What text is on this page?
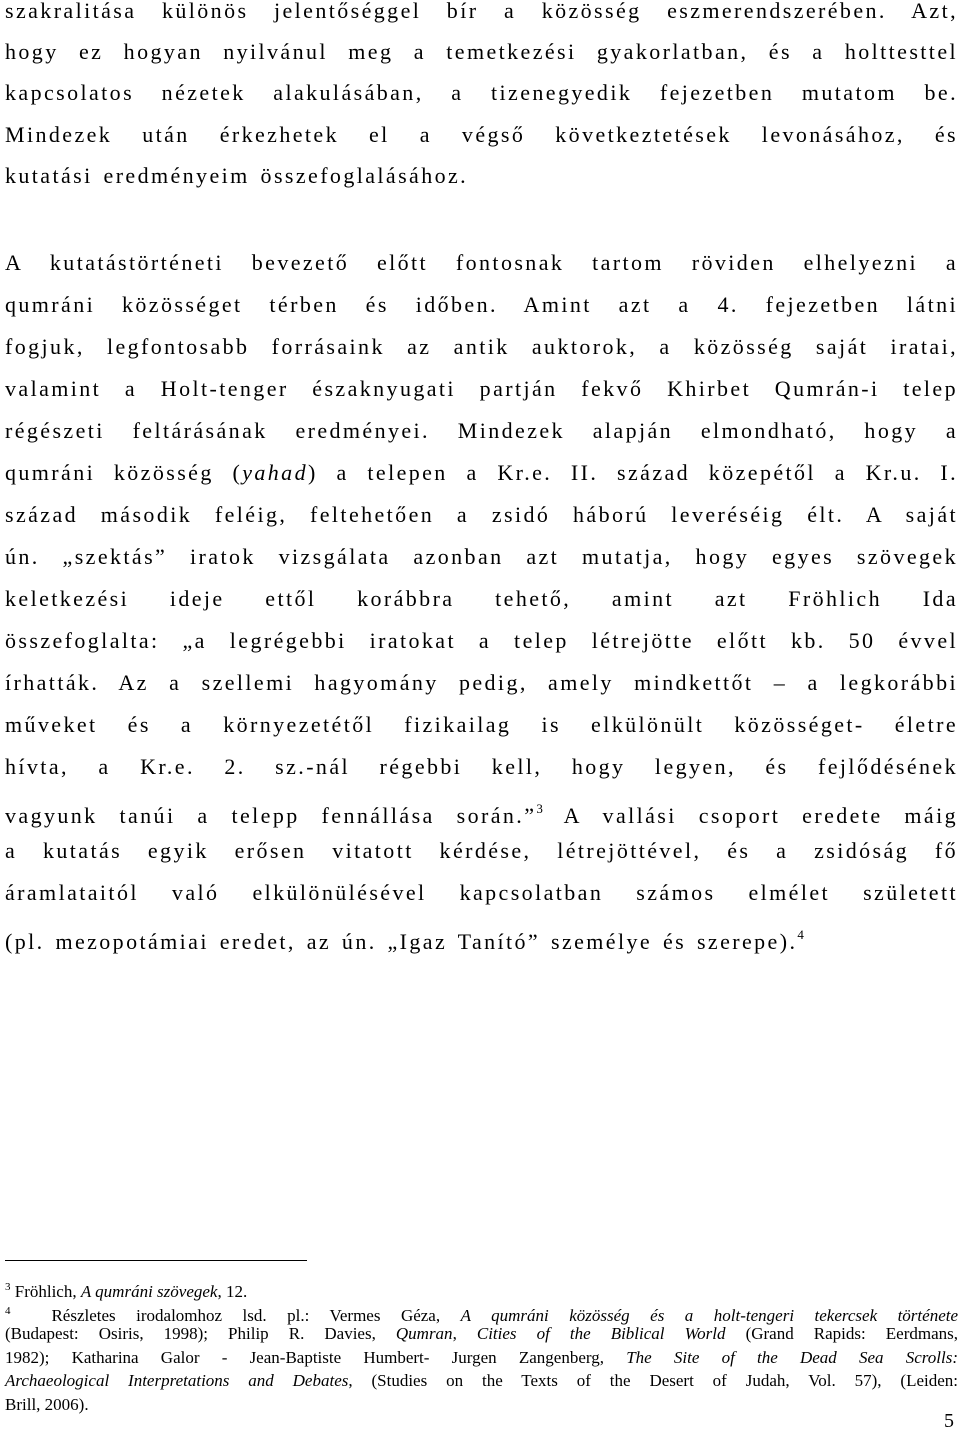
szakralitása különös jelentőséggel bír a közösség eszmerendszerében. Azt,
hogy ez hogyan nyilvánul meg a temetkezési gyakorlatban, és a holttesttel
kapcsolatos nézetek alakulásában, a tizenegyedik fejezetben mutatom be.
Mindezek után érkezhetek el a végső következtetések levonásához, és
kutatási eredményeim összefoglalásához.
A kutatástörténeti bevezető előtt fontosnak tartom röviden elhelyezni a
qumráni közösséget térben és időben. Amint azt a 4. fejezetben látni
fogjuk, legfontosabb forrásaink az antik auktorok, a közösség saját iratai,
valamint a Holt-tenger északnyugati partján fekvő Khirbet Qumrán-i telep
régészeti feltárásának eredményei. Mindezek alapján elmondható, hogy a
qumráni közösség (yahad) a telepen a Kr.e. II. század közepétől a Kr.u. I.
század második feléig, feltehetően a zsidó háború leveréséig élt. A saját
ún. „szektás” iratok vizsgálata azonban azt mutatja, hogy egyes szövegek
keletkezési ideje ettől korábbra tehető, amint azt Fröhlich Ida
összefoglalta: „a legrégebbi iratokat a telep létrejötte előtt kb. 50 évvel
írhatták. Az a szellemi hagyomány pedig, amely mindkettőt – a legkorábbi
műveket és a környezetétől fizikailag is elkülönült közösséget- életre
hívta, a Kr.e. 2. sz.-nál régebbi kell, hogy legyen, és fejlődésének
vagyunk tanúi a telepp fennállása során.”$^3$ A vallási csoport eredete máig
a kutatás egyik erősen vitatott kérdése, létrejöttével, és a zsidóság fő
áramlataitól való elkülönülésével kapcsolatban számos elmélet született
(pl. mezopotámiai eredet, az ún. „Igaz Tanító” személye és szerepe).$^4$
$^3$ Fröhlich, A qumráni szövegek, 12.
$^4$ Részletes irodalomhoz lsd. pl.: Vermes Géza, A qumráni közösség és a holt-tengeri tekercsek története
(Budapest: Osiris, 1998); Philip R. Davies, Qumran, Cities of the Biblical World (Grand Rapids: Eerdmans,
1982); Katharina Galor - Jean-Baptiste Humbert- Jurgen Zangenberg, The Site of the Dead Sea Scrolls:
Archaeological Interpretations and Debates, (Studies on the Texts of the Desert of Judah, Vol. 57), (Leiden:
Brill, 2006).
5
